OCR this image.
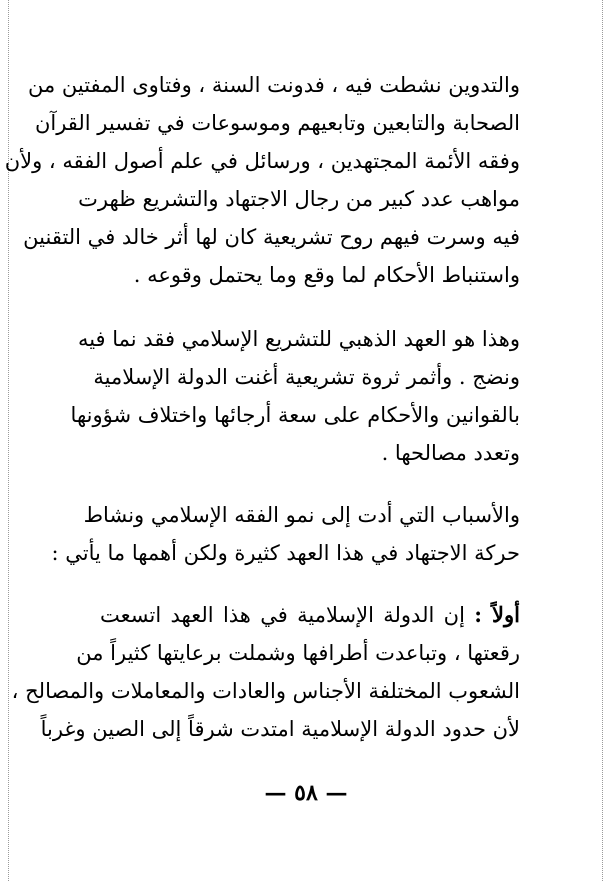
والتدوين نشطت فيه ، فدونت السنة ، وفتاوى المفتين من
الصحابة والتابعين وتابعيهم وموسوعات في تفسير القرآن
وفقه الأئمة المجتهدين ، ورسائل في علم أصول الفقه ، ولأن
مواهب عدد كبير من رجال الاجتهاد والتشريع ظهرت
فيه وسرت فيهم روح تشريعية كان لها أثر خالد في التقنين
واستنباط الأحكام لما وقع وما يحتمل وقوعه .
وهذا هو العهد الذهبي للتشريع الإسلامي فقد نما فيه
ونضج . وأثمر ثروة تشريعية أغنت الدولة الإسلامية
بالقوانين والأحكام على سعة أرجائها واختلاف شؤونها
وتعدد مصالحها .
والأسباب التي أدت إلى نمو الفقه الإسلامي ونشاط
حركة الاجتهاد في هذا العهد كثيرة ولكن أهمها ما يأتي :
أولاً : إن الدولة الإسلامية في هذا العهد اتسعت
رقعتها ، وتباعدت أطرافها وشملت برعايتها كثيراً من
الشعوب المختلفة الأجناس والعادات والمعاملات والمصالح ،
لأن حدود الدولة الإسلامية امتدت شرقاً إلى الصين وغرباً
— ٥٨ —
